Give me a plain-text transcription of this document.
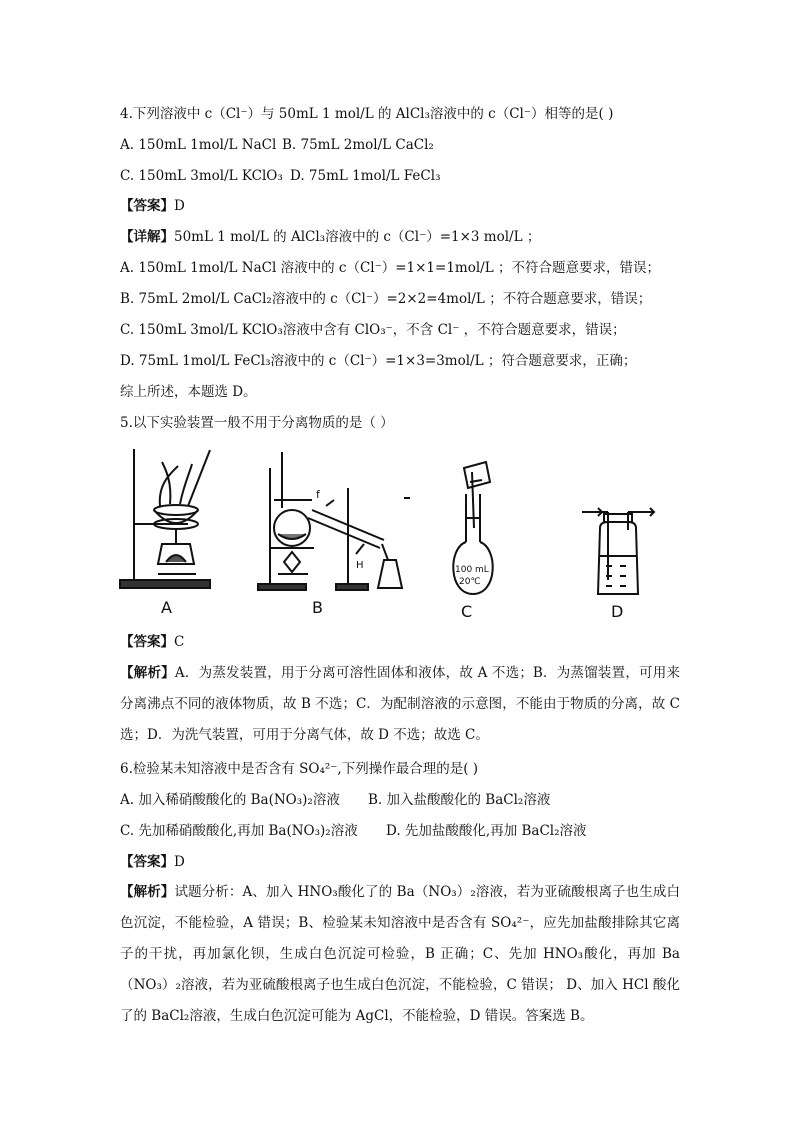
4.下列溶液中 c（Cl⁻）与 50mL 1 mol/L 的 AlCl₃溶液中的 c（Cl⁻）相等的是( )
A. 150mL 1mol/L NaCl B. 75mL 2mol/L CaCl₂
C. 150mL 3mol/L KClO₃ D. 75mL 1mol/L FeCl₃
【答案】D
【详解】50mL 1 mol/L 的 AlCl₃溶液中的 c（Cl⁻）=1×3 mol/L ；
A. 150mL 1mol/L NaCl 溶液中的 c（Cl⁻）=1×1=1mol/L ；不符合题意要求，错误；
B. 75mL 2mol/L CaCl₂溶液中的 c（Cl⁻）=2×2=4mol/L ；不符合题意要求，错误；
C. 150mL 3mol/L KClO₃溶液中含有 ClO₃⁻，不含 Cl⁻ ，不符合题意要求，错误；
D. 75mL 1mol/L FeCl₃溶液中的 c（Cl⁻）=1×3=3mol/L ；符合题意要求，正确；
综上所述，本题选 D。
5.以下实验装置一般不用于分离物质的是（ ）
A
f
H
B
100 mL
20℃
C	D
【答案】C
【解析】A．为蒸发装置，用于分离可溶性固体和液体，故 A 不选；B．为蒸馏装置，可用来分离沸点不同的液体物质，故 B 不选；C．为配制溶液的示意图，不能由于物质的分离，故 C 选；D．为洗气装置，可用于分离气体，故 D 不选；故选 C。
6.检验某未知溶液中是否含有 SO₄²⁻,下列操作最合理的是( )
A. 加入稀硝酸酸化的 Ba(NO₃)₂溶液 B. 加入盐酸酸化的 BaCl₂溶液
C. 先加稀硝酸酸化,再加 Ba(NO₃)₂溶液 D. 先加盐酸酸化,再加 BaCl₂溶液
【答案】D
【解析】试题分析：A、加入 HNO₃酸化了的 Ba（NO₃）₂溶液，若为亚硫酸根离子也生成白色沉淀，不能检验，A 错误；B、检验某未知溶液中是否含有 SO₄²⁻，应先加盐酸排除其它离子的干扰，再加氯化钡，生成白色沉淀可检验，B 正确；C、先加 HNO₃酸化，再加 Ba（NO₃）₂溶液，若为亚硫酸根离子也生成白色沉淀，不能检验，C 错误； D、加入 HCl 酸化了的 BaCl₂溶液，生成白色沉淀可能为 AgCl，不能检验，D 错误。答案选 B。
